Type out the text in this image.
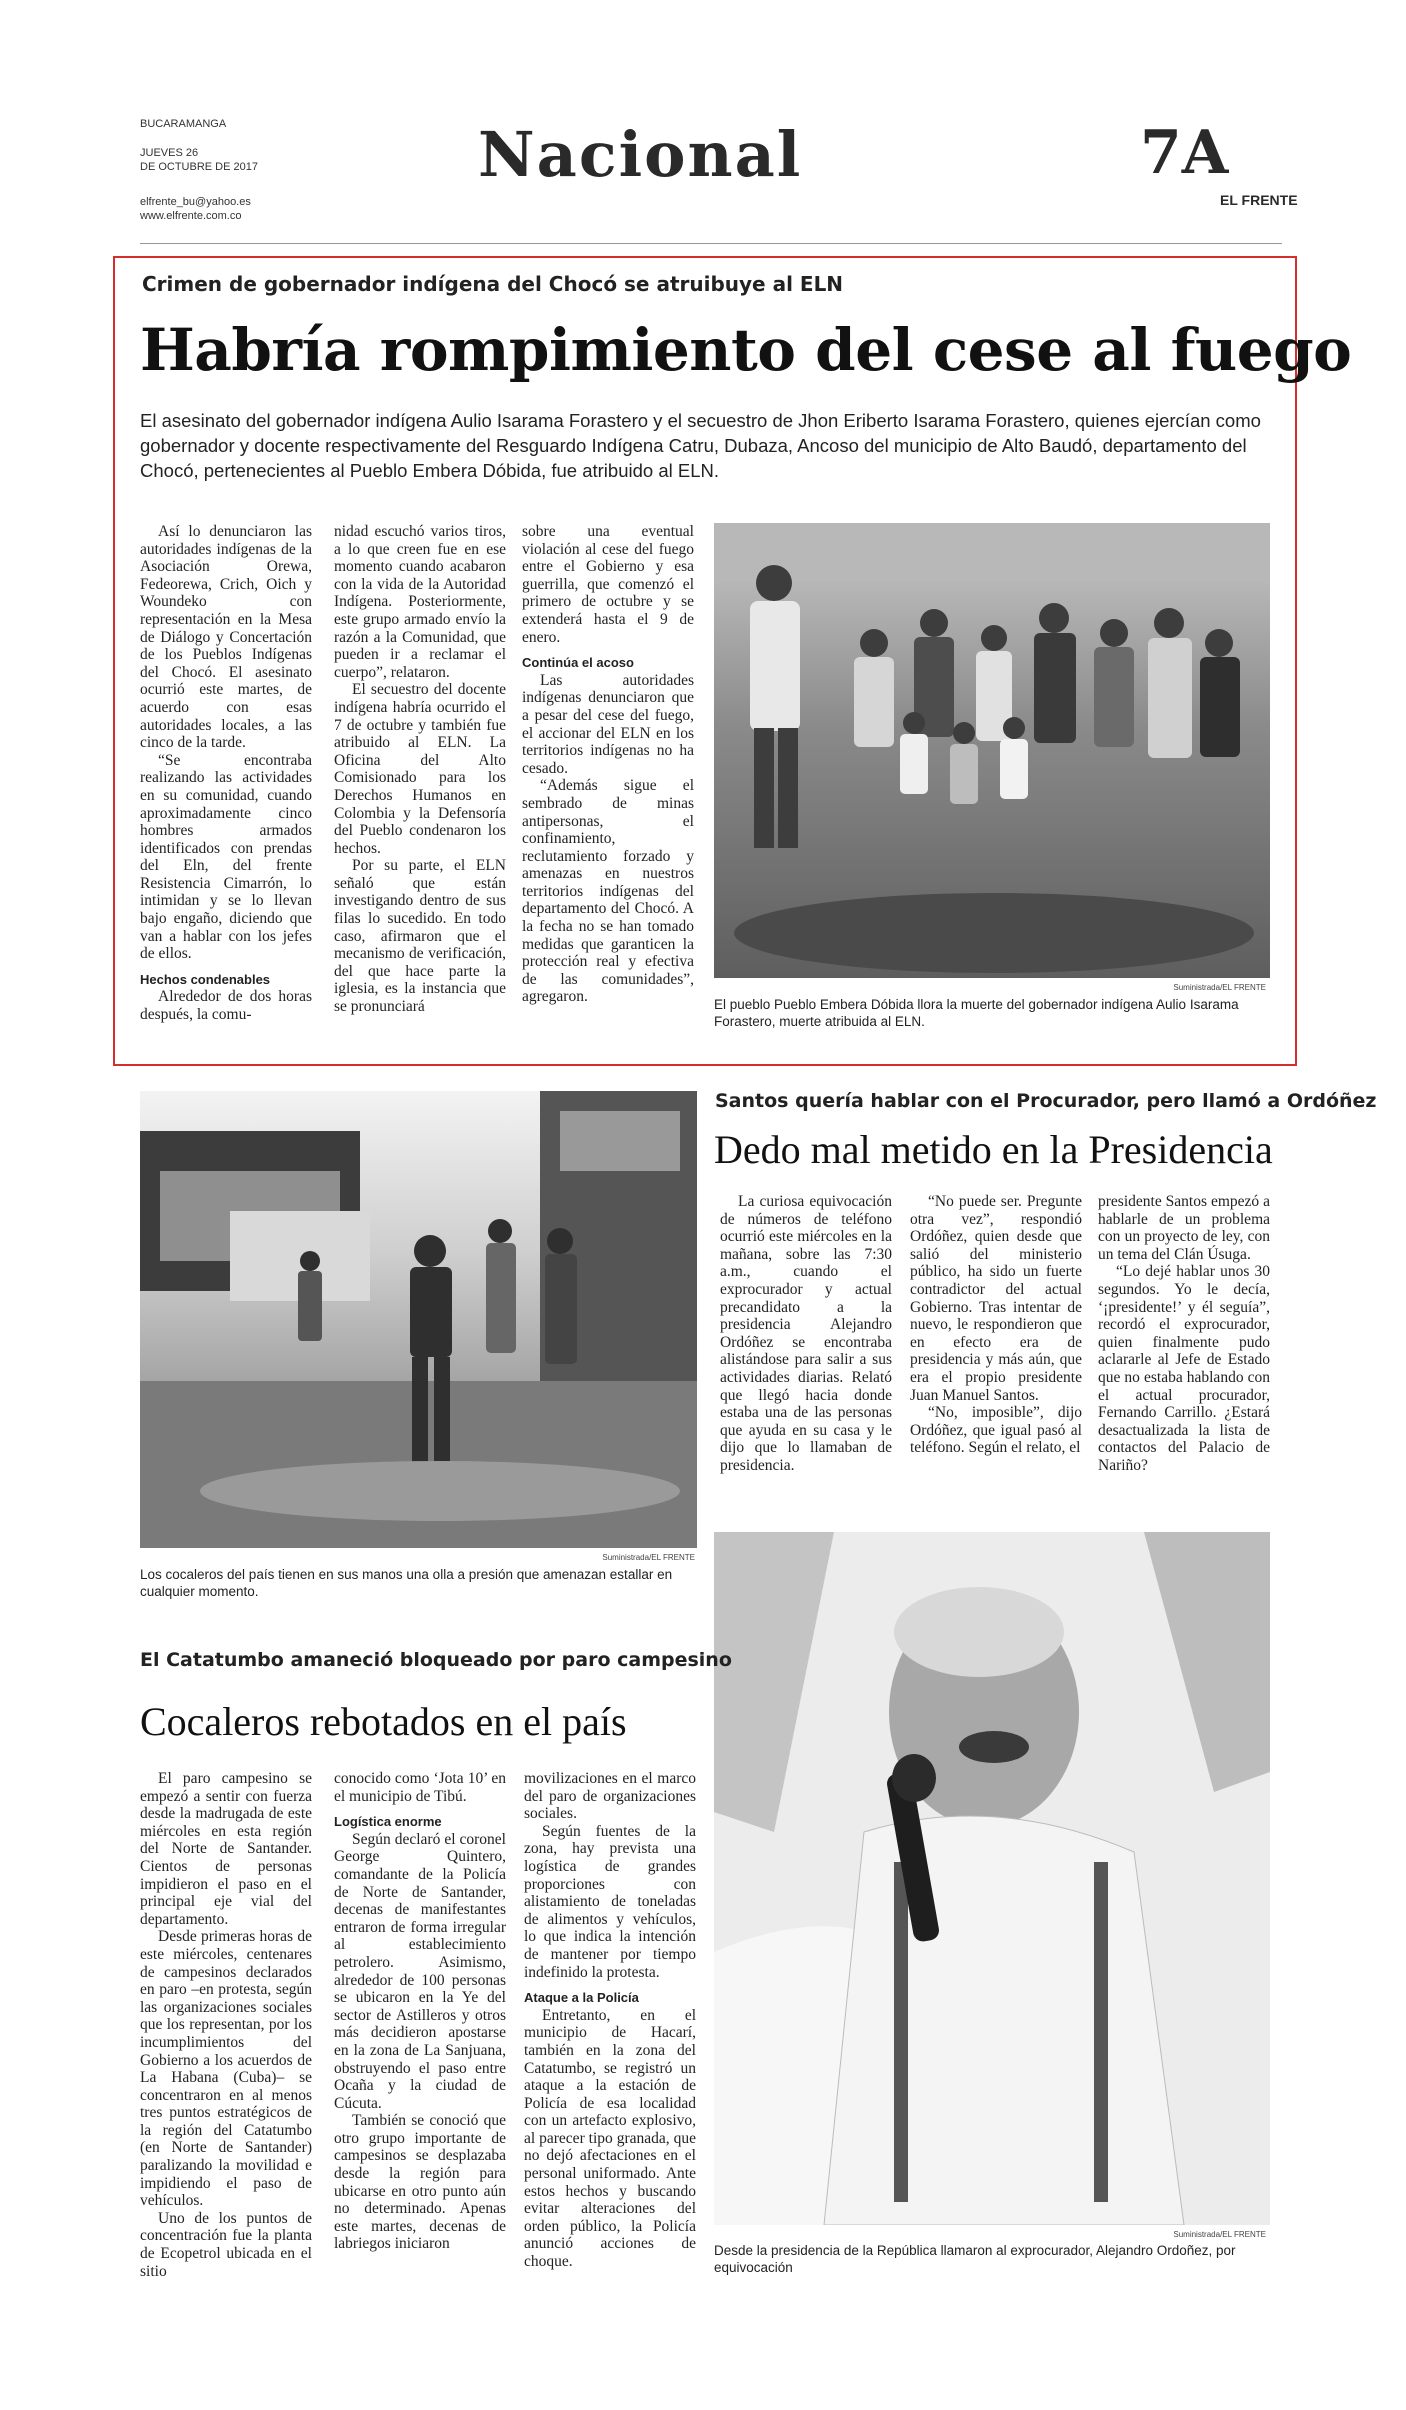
BUCARAMANGA
JUEVES 26
DE OCTUBRE DE 2017
elfrente_bu@yahoo.es
www.elfrente.com.co
Nacional	7A
EL FRENTE
Crimen de gobernador indígena del Chocó se atruibuye al ELN
Habría rompimiento del cese al fuego
El asesinato del gobernador indígena Aulio Isarama Forastero y el secuestro de Jhon Eriberto Isarama Forastero, quienes ejercían como gobernador y docente respectivamente del Resguardo Indígena Catru, Dubaza, Ancoso del municipio de Alto Baudó, departamento del Chocó, pertenecientes al Pueblo Embera Dóbida, fue atribuido al ELN.

Así lo denunciaron las autoridades indígenas de la Asociación Orewa, Fedeorewa, Crich, Oich y Woundeko con representación en la Mesa de Diálogo y Concertación de los Pueblos Indígenas del Chocó. El asesinato ocurrió este martes, de acuerdo con esas autoridades locales, a las cinco de la tarde.

“Se encontraba realizando las actividades en su comunidad, cuando aproximadamente cinco hombres armados identificados con prendas del Eln, del frente Resistencia Cimarrón, lo intimidan y se lo llevan bajo engaño, diciendo que van a hablar con los jefes de ellos.

Hechos condenables

Alrededor de dos horas después, la comu-

nidad escuchó varios tiros, a lo que creen fue en ese momento cuando acabaron con la vida de la Autoridad Indígena. Posteriormente, este grupo armado envío la razón a la Comunidad, que pueden ir a reclamar el cuerpo”, relataron.

El secuestro del docente indígena habría ocurrido el 7 de octubre y también fue atribuido al ELN. La Oficina del Alto Comisionado para los Derechos Humanos en Colombia y la Defensoría del Pueblo condenaron los hechos.

Por su parte, el ELN señaló que están investigando dentro de sus filas lo sucedido. En todo caso, afirmaron que el mecanismo de verificación, del que hace parte la iglesia, es la instancia que se pronunciará

sobre una eventual violación al cese del fuego entre el Gobierno y esa guerrilla, que comenzó el primero de octubre y se extenderá hasta el 9 de enero.

Continúa el acoso

Las autoridades indígenas denunciaron que a pesar del cese del fuego, el accionar del ELN en los territorios indígenas no ha cesado.

“Además sigue el sembrado de minas antipersonas, el confinamiento, reclutamiento forzado y amenazas en nuestros territorios indígenas del departamento del Chocó. A la fecha no se han tomado medidas que garanticen la protección real y efectiva de las comunidades”, agregaron.

Suministrada/EL FRENTE
El pueblo Pueblo Embera Dóbida llora la muerte del gobernador indígena Aulio Isarama Forastero, muerte atribuida al ELN.
Suministrada/EL FRENTE
Los cocaleros del país tienen en sus manos una olla a presión que amenazan estallar en cualquier momento.
Santos quería hablar con el Procurador, pero llamó a Ordóñez
Dedo mal metido en la Presidencia

La curiosa equivocación de números de teléfono ocurrió este miércoles en la mañana, sobre las 7:30 a.m., cuando el exprocurador y actual precandidato a la presidencia Alejandro Ordóñez se encontraba alistándose para salir a sus actividades diarias. Relató que llegó hacia donde estaba una de las personas que ayuda en su casa y le dijo que lo llamaban de presidencia.

“No puede ser. Pregunte otra vez”, respondió Ordóñez, quien desde que salió del ministerio público, ha sido un fuerte contradictor del actual Gobierno. Tras intentar de nuevo, le respondieron que en efecto era de presidencia y más aún, que era el propio presidente Juan Manuel Santos.

“No, imposible”, dijo Ordóñez, que igual pasó al teléfono. Según el relato, el

presidente Santos empezó a hablarle de un problema con un proyecto de ley, con un tema del Clán Úsuga.

“Lo dejé hablar unos 30 segundos. Yo le decía, ‘¡presidente!’ y él seguía”, recordó el exprocurador, quien finalmente pudo aclararle al Jefe de Estado que no estaba hablando con el actual procurador, Fernando Carrillo. ¿Estará desactualizada la lista de contactos del Palacio de Nariño?

Suministrada/EL FRENTE
Desde la presidencia de la República llamaron al exprocurador, Alejandro Ordoñez, por equivocación
El Catatumbo amaneció bloqueado por paro campesino
Cocaleros rebotados en el país

El paro campesino se empezó a sentir con fuerza desde la madrugada de este miércoles en esta región del Norte de Santander. Cientos de personas impidieron el paso en el principal eje vial del departamento.

Desde primeras horas de este miércoles, centenares de campesinos declarados en paro –en protesta, según las organizaciones sociales que los representan, por los incumplimientos del Gobierno a los acuerdos de La Habana (Cuba)– se concentraron en al menos tres puntos estratégicos de la región del Catatumbo (en Norte de Santander) paralizando la movilidad e impidiendo el paso de vehículos.

Uno de los puntos de concentración fue la planta de Ecopetrol ubicada en el sitio

conocido como ‘Jota 10’ en el municipio de Tibú.

Logística enorme

Según declaró el coronel George Quintero, comandante de la Policía de Norte de Santander, decenas de manifestantes entraron de forma irregular al establecimiento petrolero. Asimismo, alrededor de 100 personas se ubicaron en la Ye del sector de Astilleros y otros más decidieron apostarse en la zona de La Sanjuana, obstruyendo el paso entre Ocaña y la ciudad de Cúcuta.

También se conoció que otro grupo importante de campesinos se desplazaba desde la región para ubicarse en otro punto aún no determinado. Apenas este martes, decenas de labriegos iniciaron

movilizaciones en el marco del paro de organizaciones sociales.

Según fuentes de la zona, hay prevista una logística de grandes proporciones con alistamiento de toneladas de alimentos y vehículos, lo que indica la intención de mantener por tiempo indefinido la protesta.

Ataque a la Policía

Entretanto, en el municipio de Hacarí, también en la zona del Catatumbo, se registró un ataque a la estación de Policía de esa localidad con un artefacto explosivo, al parecer tipo granada, que no dejó afectaciones en el personal uniformado. Ante estos hechos y buscando evitar alteraciones del orden público, la Policía anunció acciones de choque.
